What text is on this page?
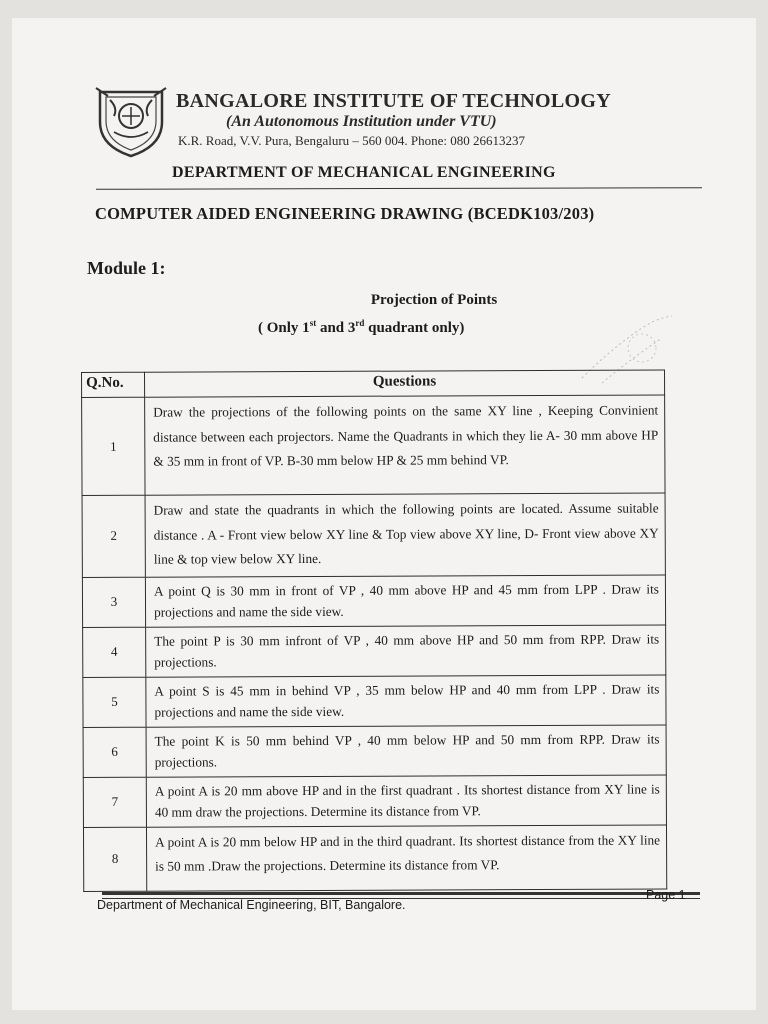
BANGALORE INSTITUTE OF TECHNOLOGY
(An Autonomous Institution under VTU)
K.R. Road, V.V. Pura, Bengaluru – 560 004. Phone: 080 26613237
DEPARTMENT OF MECHANICAL ENGINEERING
COMPUTER AIDED ENGINEERING DRAWING (BCEDK103/203)
Module 1:
Projection of Points
( Only 1st and 3rd quadrant only)
Q.No.	Questions
1	Draw the projections of the following points on the same XY line , Keeping Convinient distance between each projectors. Name the Quadrants in which they lie A- 30 mm above HP & 35 mm in front of VP. B-30 mm below HP & 25 mm behind VP.
2	Draw and state the quadrants in which the following points are located. Assume suitable distance . A - Front view below XY line & Top view above XY line, D- Front view above XY line & top view below XY line.
3	A point Q is 30 mm in front of VP , 40 mm above HP and 45 mm from LPP . Draw its projections and name the side view.
4	The point P is 30 mm infront of VP , 40 mm above HP and 50 mm from RPP. Draw its projections.
5	A point S is 45 mm in behind VP , 35 mm below HP and 40 mm from LPP . Draw its projections and name the side view.
6	The point K is 50 mm behind VP , 40 mm below HP and 50 mm from RPP. Draw its projections.
7	A point A is 20 mm above HP and in the first quadrant . Its shortest distance from XY line is 40 mm draw the projections. Determine its distance from VP.
8	A point A is 20 mm below HP and in the third quadrant. Its shortest distance from the XY line is 50 mm .Draw the projections. Determine its distance from VP.
Department of Mechanical Engineering, BIT, Bangalore.
Page 1
